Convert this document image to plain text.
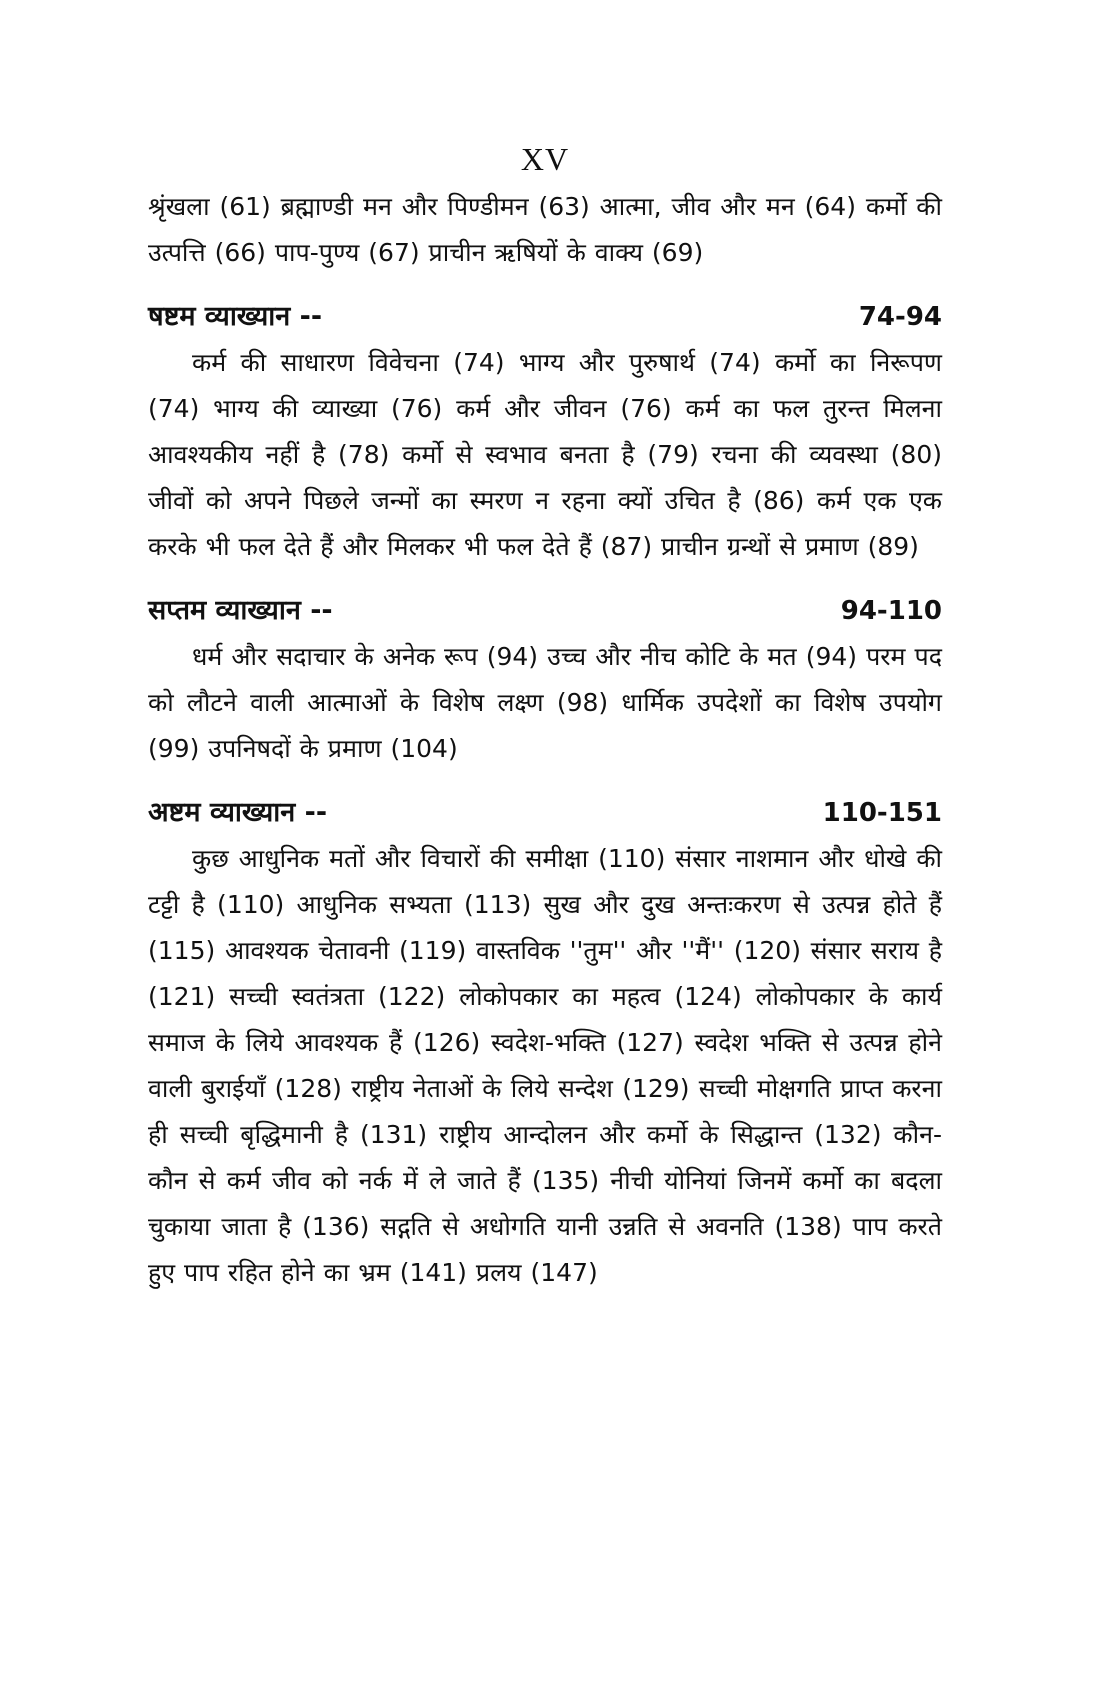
XV

श्रृंखला (61) ब्रह्माण्डी मन और पिण्डीमन (63) आत्मा, जीव और मन (64) कर्मो की उत्पत्ति (66) पाप-पुण्य (67) प्राचीन ऋषियों के वाक्य (69)

षष्टम व्याख्यान --	74-94

कर्म की साधारण विवेचना (74) भाग्य और पुरुषार्थ (74) कर्मो का निरूपण (74) भाग्य की व्याख्या (76) कर्म और जीवन (76) कर्म का फल तुरन्त मिलना आवश्यकीय नहीं है (78) कर्मो से स्वभाव बनता है (79) रचना की व्यवस्था (80) जीवों को अपने पिछले जन्मों का स्मरण न रहना क्यों उचित है (86) कर्म एक एक करके भी फल देते हैं और मिलकर भी फल देते हैं (87) प्राचीन ग्रन्थों से प्रमाण (89)

सप्तम व्याख्यान --	94-110

धर्म और सदाचार के अनेक रूप (94) उच्च और नीच कोटि के मत (94) परम पद को लौटने वाली आत्माओं के विशेष लक्ष्ण (98) धार्मिक उपदेशों का विशेष उपयोग (99) उपनिषदों के प्रमाण (104)

अष्टम व्याख्यान --	110-151

कुछ आधुनिक मतों और विचारों की समीक्षा (110) संसार नाशमान और धोखे की टट्टी है (110) आधुनिक सभ्यता (113) सुख और दुख अन्तःकरण से उत्पन्न होते हैं (115) आवश्यक चेतावनी (119) वास्तविक ''तुम'' और ''मैं'' (120) संसार सराय है (121) सच्ची स्वतंत्रता (122) लोकोपकार का महत्व (124) लोकोपकार के कार्य समाज के लिये आवश्यक हैं (126) स्वदेश-भक्ति (127) स्वदेश भक्ति से उत्पन्न होने वाली बुराईयाँ (128) राष्ट्रीय नेताओं के लिये सन्देश (129) सच्ची मोक्षगति प्राप्त करना ही सच्ची बृद्धिमानी है (131) राष्ट्रीय आन्दोलन और कर्मो के सिद्धान्त (132) कौन-कौन से कर्म जीव को नर्क में ले जाते हैं (135) नीची योनियां जिनमें कर्मो का बदला चुकाया जाता है (136) सद्गति से अधोगति यानी उन्नति से अवनति (138) पाप करते हुए पाप रहित होने का भ्रम (141) प्रलय (147)
